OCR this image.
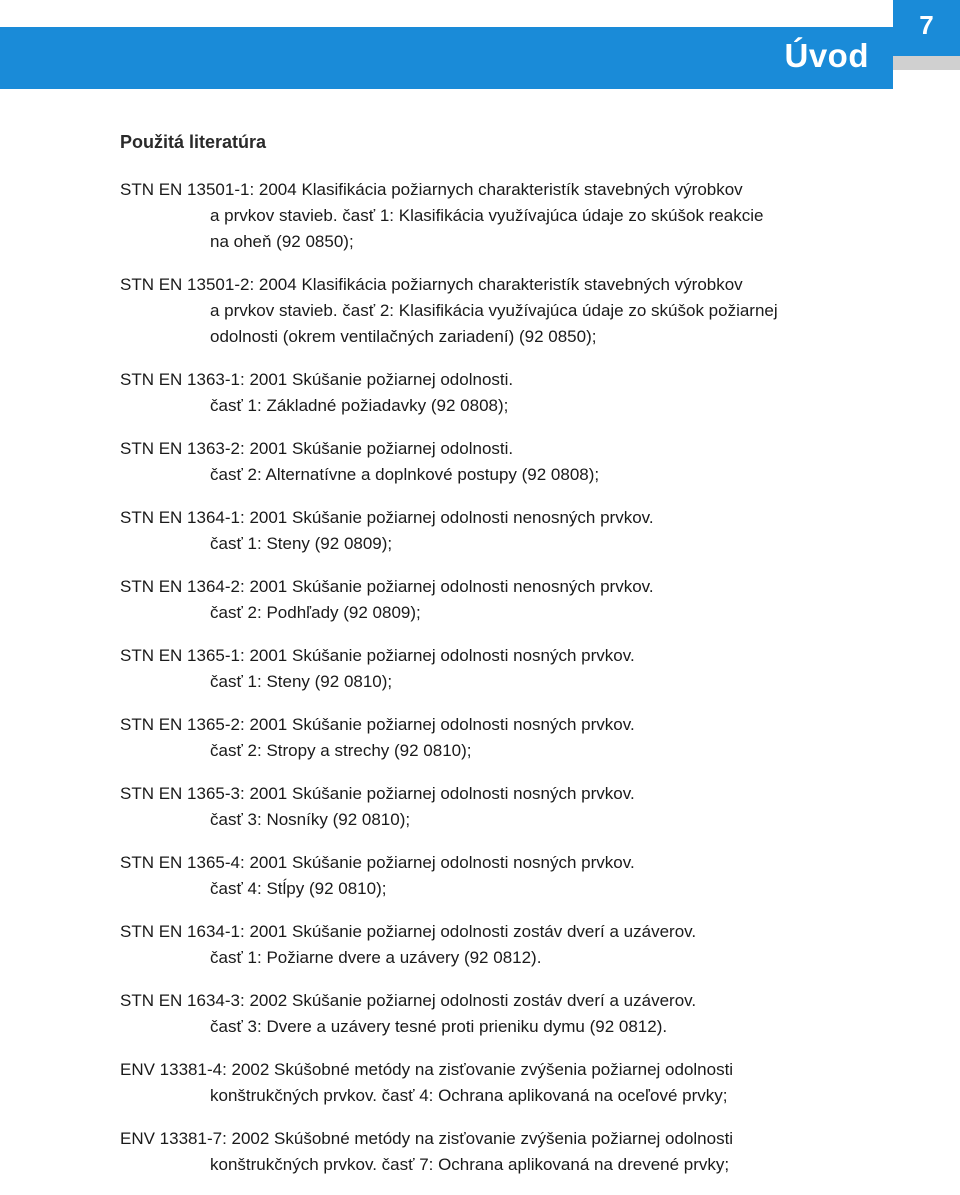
Úvod
7
Použitá literatúra
STN EN 13501-1: 2004 Klasifikácia požiarnych charakteristík stavebných výrobkov
a prvkov stavieb. časť 1: Klasifikácia využívajúca údaje zo skúšok reakcie
na oheň (92 0850);
STN EN 13501-2: 2004 Klasifikácia požiarnych charakteristík stavebných výrobkov
a prvkov stavieb. časť 2: Klasifikácia využívajúca údaje zo skúšok požiarnej
odolnosti (okrem ventilačných zariadení) (92 0850);
STN EN 1363-1: 2001 Skúšanie požiarnej odolnosti.
časť 1: Základné požiadavky (92 0808);
STN EN 1363-2: 2001 Skúšanie požiarnej odolnosti.
časť 2: Alternatívne a doplnkové postupy (92 0808);
STN EN 1364-1: 2001 Skúšanie požiarnej odolnosti nenosných prvkov.
časť 1: Steny (92 0809);
STN EN 1364-2: 2001 Skúšanie požiarnej odolnosti nenosných prvkov.
časť 2: Podhľady (92 0809);
STN EN 1365-1: 2001 Skúšanie požiarnej odolnosti nosných prvkov.
časť 1: Steny (92 0810);
STN EN 1365-2: 2001 Skúšanie požiarnej odolnosti nosných prvkov.
časť 2: Stropy a strechy (92 0810);
STN EN 1365-3: 2001 Skúšanie požiarnej odolnosti nosných prvkov.
časť 3: Nosníky (92 0810);
STN EN 1365-4: 2001 Skúšanie požiarnej odolnosti nosných prvkov.
časť 4: Stĺpy (92 0810);
STN EN 1634-1: 2001 Skúšanie požiarnej odolnosti zostáv dverí a uzáverov.
časť 1: Požiarne dvere a uzávery (92 0812).
STN EN 1634-3: 2002 Skúšanie požiarnej odolnosti zostáv dverí a uzáverov.
časť 3: Dvere a uzávery tesné proti prieniku dymu (92 0812).
ENV 13381-4: 2002 Skúšobné metódy na zisťovanie zvýšenia požiarnej odolnosti
konštrukčných prvkov. časť 4: Ochrana aplikovaná na oceľové prvky;
ENV 13381-7: 2002 Skúšobné metódy na zisťovanie zvýšenia požiarnej odolnosti
konštrukčných prvkov. časť 7: Ochrana aplikovaná na drevené prvky;
